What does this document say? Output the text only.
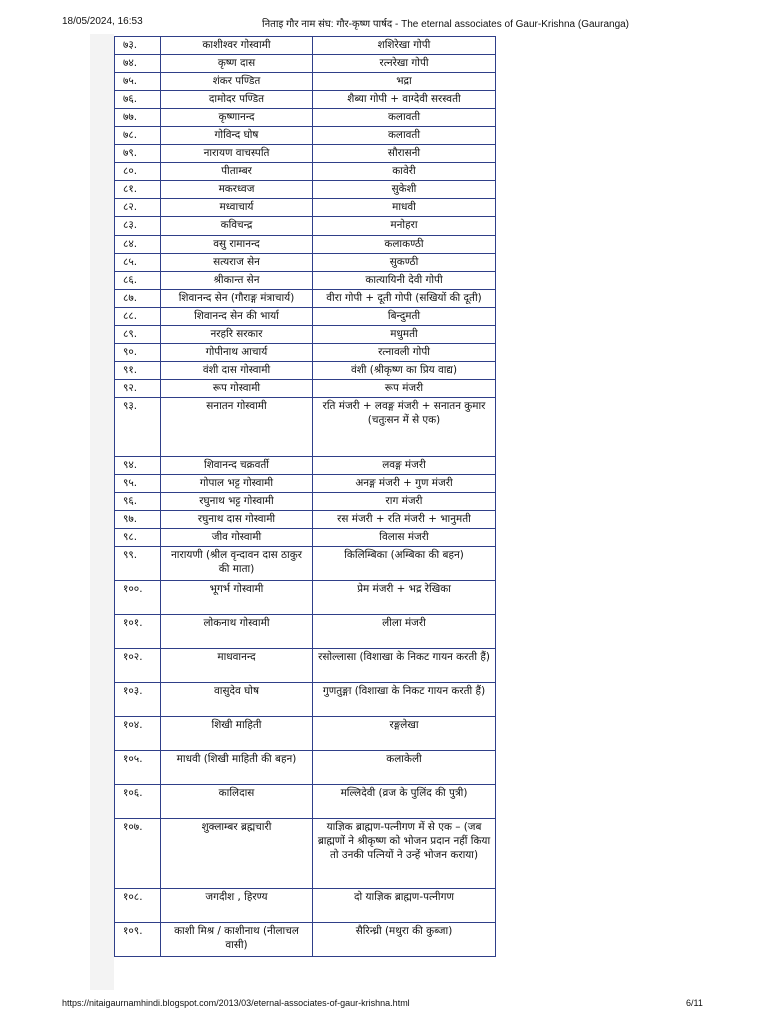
18/05/2024, 16:53	निताइ गौर नाम संघ: गौर-कृष्ण पार्षद - The eternal associates of Gaur-Krishna (Gauranga)
७३.	काशीश्वर गोस्वामी	शशिरेखा गोपी
७४.	कृष्ण दास	रत्नरेखा गोपी
७५.	शंकर पण्डित	भद्रा
७६.	दामोदर पण्डित	शैब्या गोपी + वाग्देवी सरस्वती
७७.	कृष्णानन्द	कलावती
७८.	गोविन्द घोष	कलावती
७९.	नारायण वाचस्पति	सौरासनी
८०.	पीताम्बर	कावेरी
८१.	मकरध्वज	सुकेशी
८२.	मध्वाचार्य	माधवी
८३.	कविचन्द्र	मनोहरा
८४.	वसु रामानन्द	कलाकण्ठी
८५.	सत्यराज सेन	सुकण्ठी
८६.	श्रीकान्त सेन	कात्यायिनी देवी गोपी
८७.	शिवानन्द सेन (गौराङ्ग मंत्राचार्य)	वीरा गोपी + दूती गोपी (सखियों की दूती)
८८.	शिवानन्द सेन की भार्या	बिन्दुमती
८९.	नरहरि सरकार	मधुमती
९०.	गोपीनाथ आचार्य	रत्नावली गोपी
९१.	वंशी दास गोस्वामी	वंशी (श्रीकृष्ण का प्रिय वाद्य)
९२.	रूप गोस्वामी	रूप मंजरी
९३.	सनातन गोस्वामी	रति मंजरी + लवङ्ग मंजरी + सनातन कुमार (चतुःसन में से एक)
९४.	शिवानन्द चक्रवर्ती	लवङ्ग मंजरी
९५.	गोपाल भट्ट गोस्वामी	अनङ्ग मंजरी + गुण मंजरी
९६.	रघुनाथ भट्ट गोस्वामी	राग मंजरी
९७.	रघुनाथ दास गोस्वामी	रस मंजरी + रति मंजरी + भानुमती
९८.	जीव गोस्वामी	विलास मंजरी
९९.	नारायणी (श्रील वृन्दावन दास ठाकुर की माता)	किलिम्बिका (अम्बिका की बहन)
१००.	भूगर्भ गोस्वामी	प्रेम मंजरी + भद्र रेखिका
१०१.	लोकनाथ गोस्वामी	लीला मंजरी
१०२.	माधवानन्द	रसोल्लासा (विशाखा के निकट गायन करती हैं)
१०३.	वासुदेव घोष	गुणतुङ्गा (विशाखा के निकट गायन करती हैं)
१०४.	शिखी माहिती	रङ्गलेखा
१०५.	माधवी (शिखी माहिती की बहन)	कलाकेली
१०६.	कालिदास	मल्लिदेवी (व्रज के पुलिंद की पुत्री)
१०७.	शुक्लाम्बर ब्रह्मचारी	याज्ञिक ब्राह्मण-पत्नीगण में से एक – (जब ब्राह्मणों ने श्रीकृष्ण को भोजन प्रदान नहीं किया तो उनकी पत्नियों ने उन्हें भोजन कराया)
१०८.	जगदीश , हिरण्य	दो याज्ञिक ब्राह्मण-पत्नीगण
१०९.	काशी मिश्र / काशीनाथ (नीलाचल वासी)	सैरिन्ध्री (मथुरा की कुब्जा)
https://nitaigaurnamhindi.blogspot.com/2013/03/eternal-associates-of-gaur-krishna.html	6/11
